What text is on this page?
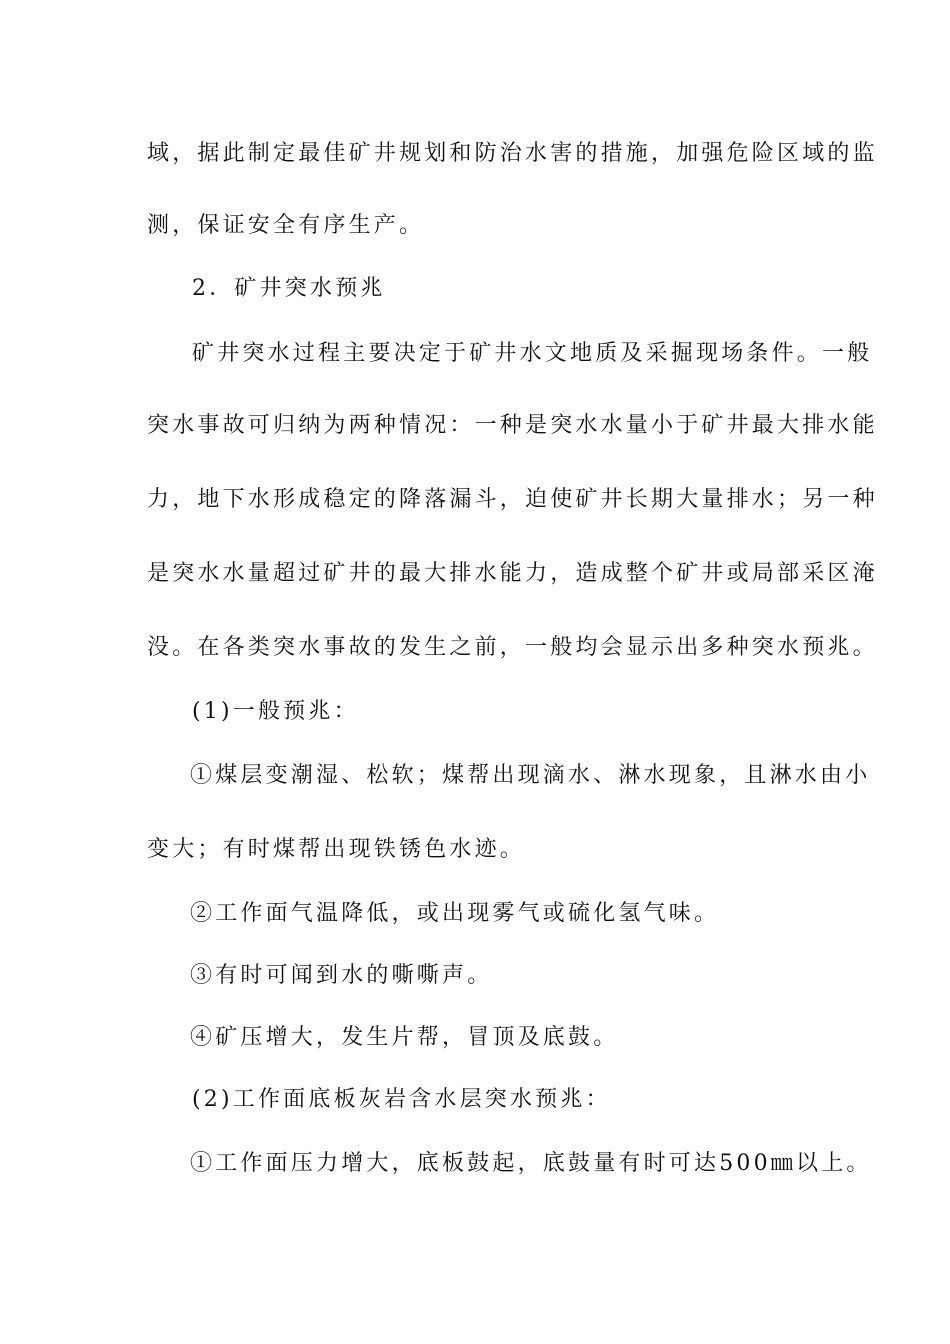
域，据此制定最佳矿井规划和防治水害的措施，加强危险区域的监
测，保证安全有序生产。
2．矿井突水预兆
矿井突水过程主要决定于矿井水文地质及采掘现场条件。一般
突水事故可归纳为两种情况：一种是突水水量小于矿井最大排水能
力，地下水形成稳定的降落漏斗，迫使矿井长期大量排水；另一种
是突水水量超过矿井的最大排水能力，造成整个矿井或局部采区淹
没。在各类突水事故的发生之前，一般均会显示出多种突水预兆。
(1)一般预兆：
①煤层变潮湿、松软；煤帮出现滴水、淋水现象，且淋水由小
变大；有时煤帮出现铁锈色水迹。
②工作面气温降低，或出现雾气或硫化氢气味。
③有时可闻到水的嘶嘶声。
④矿压增大，发生片帮，冒顶及底鼓。
(2)工作面底板灰岩含水层突水预兆：
①工作面压力增大，底板鼓起，底鼓量有时可达500㎜以上。
